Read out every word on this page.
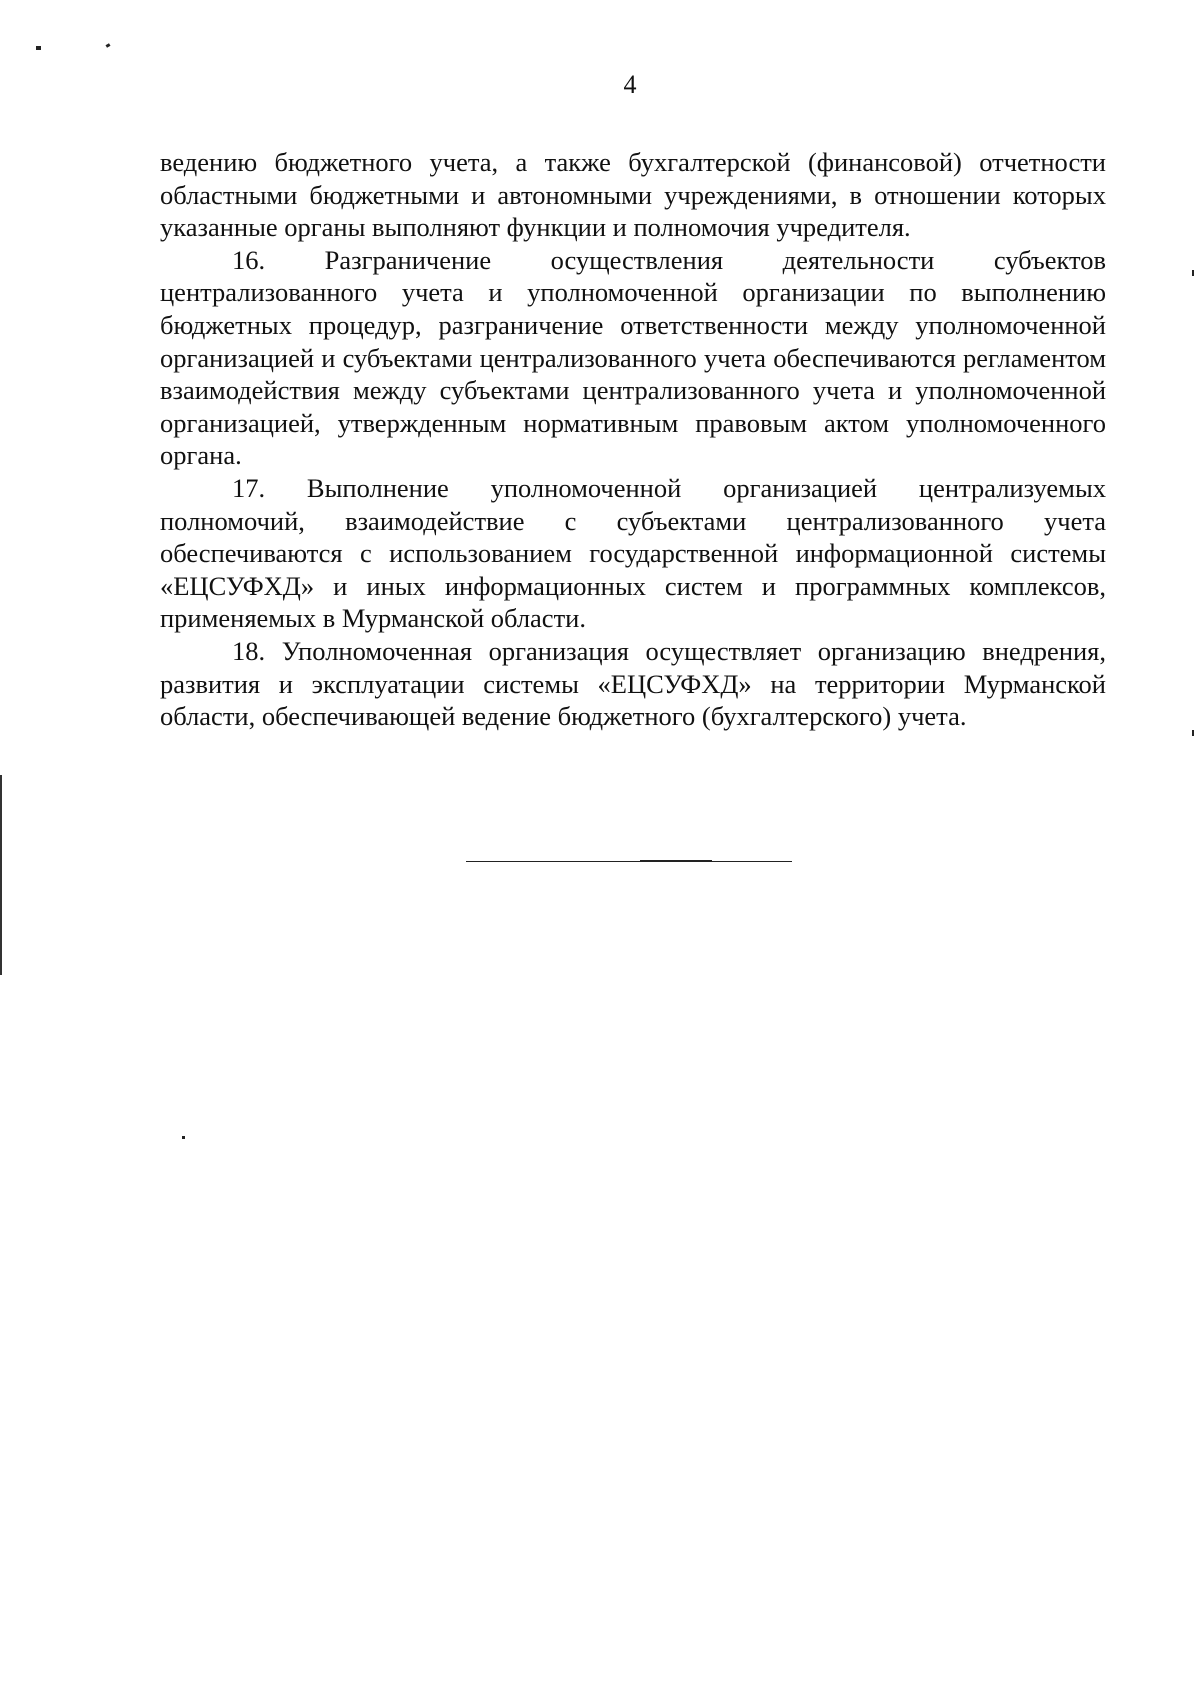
4

ведению бюджетного учета, а также бухгалтерской (финансовой) отчетности областными бюджетными и автономными учреждениями, в отношении которых указанные органы выполняют функции и полномочия учредителя.

16. Разграничение осуществления деятельности субъектов централизованного учета и уполномоченной организации по выполнению бюджетных процедур, разграничение ответственности между уполномоченной организацией и субъектами централизованного учета обеспечиваются регламентом взаимодействия между субъектами централизованного учета и уполномоченной организацией, утвержденным нормативным правовым актом уполномоченного органа.

17. Выполнение уполномоченной организацией централизуемых полномочий, взаимодействие с субъектами централизованного учета обеспечиваются с использованием государственной информационной системы «ЕЦСУФХД» и иных информационных систем и программных комплексов, применяемых в Мурманской области.

18. Уполномоченная организация осуществляет организацию внедрения, развития и эксплуатации системы «ЕЦСУФХД» на территории Мурманской области, обеспечивающей ведение бюджетного (бухгалтерского) учета.
